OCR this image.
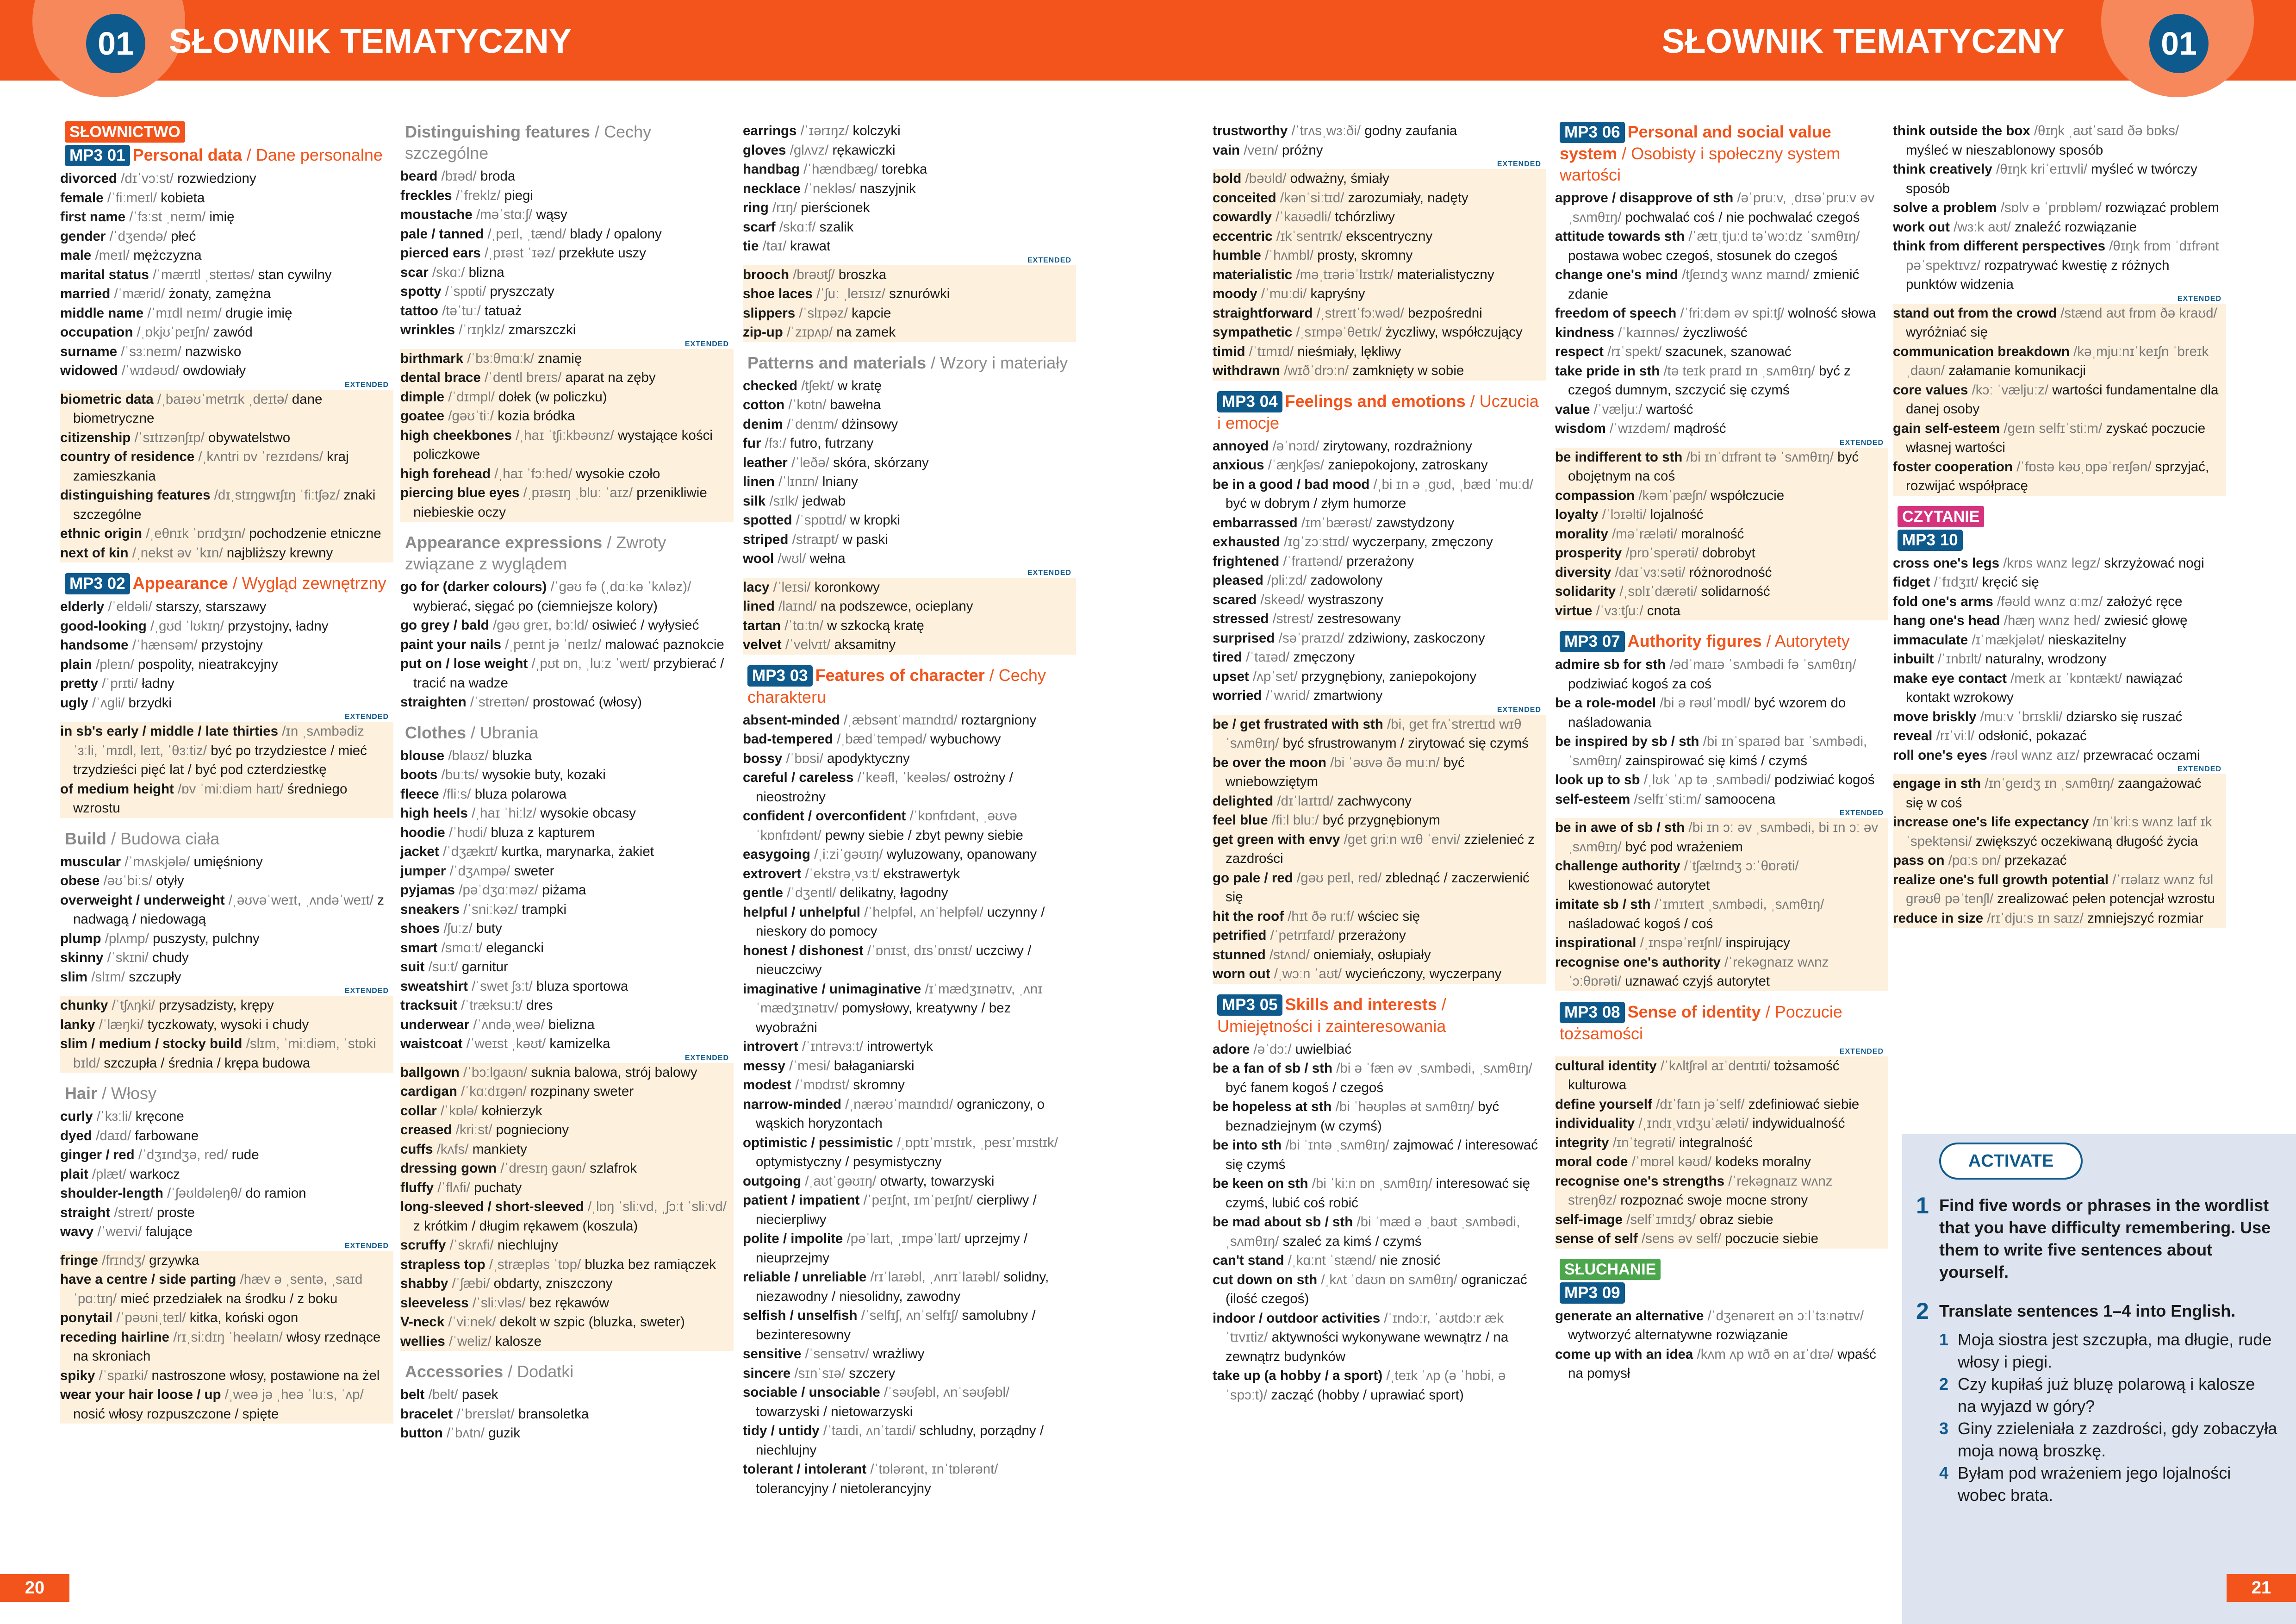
01	SŁOWNIK TEMATYCZNY	SŁOWNIK TEMATYCZNY	01
SŁOWNICTWO
MP3 01 Personal data / Dane personalne
divorced /dɪˈvɔːst/ rozwiedziony
female /ˈfiːmeɪl/ kobieta
first name /ˈfɜːst ˌneɪm/ imię
gender /ˈdʒendə/ płeć
male /meɪl/ mężczyzna
marital status /ˈmærɪtl ˌsteɪtəs/ stan cywilny
married /ˈmærid/ żonaty, zamężna
middle name /ˈmɪdl neɪm/ drugie imię
occupation /ˌɒkjʊˈpeɪʃn/ zawód
surname /ˈsɜːneɪm/ nazwisko
widowed /ˈwɪdəʊd/ owdowiały
EXTENDED
biometric data /ˌbaɪəʊˈmetrɪk ˌdeɪtə/ dane biometryczne
citizenship /ˈsɪtɪzənʃɪp/ obywatelstwo
country of residence /ˌkʌntri ɒv ˈrezɪdəns/ kraj zamieszkania
distinguishing features /dɪˌstɪŋɡwɪʃɪŋ ˈfiːtʃəz/ znaki szczególne
ethnic origin /ˌeθnɪk ˈɒrɪdʒɪn/ pochodzenie etniczne
next of kin /ˌnekst əv ˈkɪn/ najbliższy krewny
MP3 02 Appearance / Wygląd zewnętrzny
elderly /ˈeldəli/ starszy, starszawy
good-looking /ˌɡʊd ˈlʊkɪŋ/ przystojny, ładny
handsome /ˈhænsəm/ przystojny
plain /pleɪn/ pospolity, nieatrakcyjny
pretty /ˈprɪti/ ładny
ugly /ˈʌɡli/ brzydki
EXTENDED
in sb's early / middle / late thirties /ɪn ˌsʌmbədiz ˈɜːli, ˈmɪdl, leɪt, ˈθɜːtiz/ być po trzydziestce / mieć trzydzieści pięć lat / być pod czterdziestkę
of medium height /ɒv ˈmiːdiəm haɪt/ średniego wzrostu
Build / Budowa ciała
muscular /ˈmʌskjələ/ umięśniony
obese /əʊˈbiːs/ otyły
overweight / underweight /ˌəʊvəˈweɪt, ˌʌndəˈweɪt/ z nadwagą / niedowagą
plump /plʌmp/ puszysty, pulchny
skinny /ˈskɪni/ chudy
slim /slɪm/ szczupły
EXTENDED
chunky /ˈtʃʌŋki/ przysadzisty, krępy
lanky /ˈlæŋki/ tyczkowaty, wysoki i chudy
slim / medium / stocky build /slɪm, ˈmiːdiəm, ˈstɒki bɪld/ szczupła / średnia / krępa budowa
Hair / Włosy
curly /ˈkɜːli/ kręcone
dyed /daɪd/ farbowane
ginger / red /ˈdʒɪndʒə, red/ rude
plait /plæt/ warkocz
shoulder-length /ˈʃəʊldəleŋθ/ do ramion
straight /streɪt/ proste
wavy /ˈweɪvi/ falujące
EXTENDED
fringe /frɪndʒ/ grzywka
have a centre / side parting /hæv ə ˌsentə, ˌsaɪd ˈpɑːtɪŋ/ mieć przedziałek na środku / z boku
ponytail /ˈpəʊniˌteɪl/ kitka, koński ogon
receding hairline /rɪˌsiːdɪŋ ˈheəlaɪn/ włosy rzednące na skroniach
spiky /ˈspaɪki/ nastroszone włosy, postawione na żel
wear your hair loose / up /ˌweə jə ˌheə ˈluːs, ˈʌp/ nosić włosy rozpuszczone / spięte
Distinguishing features / Cechy szczególne
beard /bɪəd/ broda
freckles /ˈfreklz/ piegi
moustache /məˈstɑːʃ/ wąsy
pale / tanned /ˌpeɪl, ˌtænd/ blady / opalony
pierced ears /ˌpɪəst ˈɪəz/ przekłute uszy
scar /skɑː/ blizna
spotty /ˈspɒti/ pryszczaty
tattoo /təˈtuː/ tatuaż
wrinkles /ˈrɪŋklz/ zmarszczki
EXTENDED
birthmark /ˈbɜːθmɑːk/ znamię
dental brace /ˈdentl breɪs/ aparat na zęby
dimple /ˈdɪmpl/ dołek (w policzku)
goatee /ɡəʊˈtiː/ kozia bródka
high cheekbones /ˌhaɪ ˈtʃiːkbəʊnz/ wystające kości policzkowe
high forehead /ˌhaɪ ˈfɔːhed/ wysokie czoło
piercing blue eyes /ˌpɪəsɪŋ ˌbluː ˈaɪz/ przenikliwie niebieskie oczy
Appearance expressions / Zwroty związane z wyglądem
go for (darker colours) /ˈɡəʊ fə (ˌdɑːkə ˈkʌləz)/ wybierać, sięgać po (ciemniejsze kolory)
go grey / bald /ɡəʊ ɡreɪ, bɔːld/ osiwieć / wyłysieć
paint your nails /ˌpeɪnt jə ˈneɪlz/ malować paznokcie
put on / lose weight /ˌpʊt ɒn, ˌluːz ˈweɪt/ przybierać / tracić na wadze
straighten /ˈstreɪtən/ prostować (włosy)
Clothes / Ubrania
blouse /blaʊz/ bluzka
boots /buːts/ wysokie buty, kozaki
fleece /fliːs/ bluza polarowa
high heels /ˌhaɪ ˈhiːlz/ wysokie obcasy
hoodie /ˈhʊdi/ bluza z kapturem
jacket /ˈdʒækɪt/ kurtka, marynarka, żakiet
jumper /ˈdʒʌmpə/ sweter
pyjamas /pəˈdʒɑːməz/ piżama
sneakers /ˈsniːkəz/ trampki
shoes /ʃuːz/ buty
smart /smɑːt/ elegancki
suit /suːt/ garnitur
sweatshirt /ˈswet ʃɜːt/ bluza sportowa
tracksuit /ˈtræksuːt/ dres
underwear /ˈʌndəˌweə/ bielizna
waistcoat /ˈweɪst ˌkəʊt/ kamizelka
EXTENDED
ballgown /ˈbɔːlɡaʊn/ suknia balowa, strój balowy
cardigan /ˈkɑːdɪɡən/ rozpinany sweter
collar /ˈkɒlə/ kołnierzyk
creased /kriːst/ pognieciony
cuffs /kʌfs/ mankiety
dressing gown /ˈdresɪŋ ɡaʊn/ szlafrok
fluffy /ˈflʌfi/ puchaty
long-sleeved / short-sleeved /ˌlɒŋ ˈsliːvd, ˌʃɔːt ˈsliːvd/ z krótkim / długim rękawem (koszula)
scruffy /ˈskrʌfi/ niechlujny
strapless top /ˌstræpləs ˈtɒp/ bluzka bez ramiączek
shabby /ˈʃæbi/ obdarty, zniszczony
sleeveless /ˈsliːvləs/ bez rękawów
V-neck /ˈviːnek/ dekolt w szpic (bluzka, sweter)
wellies /ˈweliz/ kalosze
Accessories / Dodatki
belt /belt/ pasek
bracelet /ˈbreɪslət/ bransoletka
button /ˈbʌtn/ guzik
earrings /ˈɪərɪŋz/ kolczyki
gloves /ɡlʌvz/ rękawiczki
handbag /ˈhændbæɡ/ torebka
necklace /ˈnekləs/ naszyjnik
ring /rɪŋ/ pierścionek
scarf /skɑːf/ szalik
tie /taɪ/ krawat
EXTENDED
brooch /brəʊtʃ/ broszka
shoe laces /ˈʃuː ˌleɪsɪz/ sznurówki
slippers /ˈslɪpəz/ kapcie
zip-up /ˈzɪpʌp/ na zamek
Patterns and materials / Wzory i materiały
checked /tʃekt/ w kratę
cotton /ˈkɒtn/ bawełna
denim /ˈdenɪm/ dżinsowy
fur /fɜː/ futro, futrzany
leather /ˈleðə/ skóra, skórzany
linen /ˈlɪnɪn/ lniany
silk /sɪlk/ jedwab
spotted /ˈspɒtɪd/ w kropki
striped /straɪpt/ w paski
wool /wʊl/ wełna
EXTENDED
lacy /ˈleɪsi/ koronkowy
lined /laɪnd/ na podszewce, ocieplany
tartan /ˈtɑːtn/ w szkocką kratę
velvet /ˈvelvɪt/ aksamitny
MP3 03 Features of character / Cechy charakteru
absent-minded /ˌæbsəntˈmaɪndɪd/ roztargniony
bad-tempered /ˌbædˈtempəd/ wybuchowy
bossy /ˈbɒsi/ apodyktyczny
careful / careless /ˈkeəfl, ˈkeələs/ ostrożny / nieostrożny
confident / overconfident /ˈkɒnfɪdənt, ˌəʊvəˈkɒnfɪdənt/ pewny siebie / zbyt pewny siebie
easygoing /ˌiːziˈɡəʊɪŋ/ wyluzowany, opanowany
extrovert /ˈekstrəˌvɜːt/ ekstrawertyk
gentle /ˈdʒentl/ delikatny, łagodny
helpful / unhelpful /ˈhelpfəl, ʌnˈhelpfəl/ uczynny / nieskory do pomocy
honest / dishonest /ˈɒnɪst, dɪsˈɒnɪst/ uczciwy / nieuczciwy
imaginative / unimaginative /ɪˈmædʒɪnətɪv, ˌʌnɪˈmædʒɪnətɪv/ pomysłowy, kreatywny / bez wyobraźni
introvert /ˈɪntrəvɜːt/ introwertyk
messy /ˈmesi/ bałaganiarski
modest /ˈmɒdɪst/ skromny
narrow-minded /ˌnærəʊˈmaɪndɪd/ ograniczony, o wąskich horyzontach
optimistic / pessimistic /ˌɒptɪˈmɪstɪk, ˌpesɪˈmɪstɪk/ optymistyczny / pesymistyczny
outgoing /ˌaʊtˈɡəʊɪŋ/ otwarty, towarzyski
patient / impatient /ˈpeɪʃnt, ɪmˈpeɪʃnt/ cierpliwy / niecierpliwy
polite / impolite /pəˈlaɪt, ˌɪmpəˈlaɪt/ uprzejmy / nieuprzejmy
reliable / unreliable /rɪˈlaɪəbl, ˌʌnrɪˈlaɪəbl/ solidny, niezawodny / niesolidny, zawodny
selfish / unselfish /ˈselfɪʃ, ʌnˈselfɪʃ/ samolubny / bezinteresowny
sensitive /ˈsensətɪv/ wrażliwy
sincere /sɪnˈsɪə/ szczery
sociable / unsociable /ˈsəʊʃəbl, ʌnˈsəʊʃəbl/ towarzyski / nietowarzyski
tidy / untidy /ˈtaɪdi, ʌnˈtaɪdi/ schludny, porządny / niechlujny
tolerant / intolerant /ˈtɒlərənt, ɪnˈtɒlərənt/ tolerancyjny / nietolerancyjny
trustworthy /ˈtrʌsˌwɜːði/ godny zaufania
vain /veɪn/ próżny
EXTENDED
bold /bəʊld/ odważny, śmiały
conceited /kənˈsiːtɪd/ zarozumiały, nadęty
cowardly /ˈkaʊədli/ tchórzliwy
eccentric /ɪkˈsentrɪk/ ekscentryczny
humble /ˈhʌmbl/ prosty, skromny
materialistic /məˌtɪəriəˈlɪstɪk/ materialistyczny
moody /ˈmuːdi/ kapryśny
straightforward /ˌstreɪtˈfɔːwəd/ bezpośredni
sympathetic /ˌsɪmpəˈθetɪk/ życzliwy, współczujący
timid /ˈtɪmɪd/ nieśmiały, lękliwy
withdrawn /wɪðˈdrɔːn/ zamknięty w sobie
MP3 04 Feelings and emotions / Uczucia i emocje
annoyed /əˈnɔɪd/ zirytowany, rozdrażniony
anxious /ˈæŋkʃəs/ zaniepokojony, zatroskany
be in a good / bad mood /ˌbi ɪn ə ˌɡʊd, ˌbæd ˈmuːd/ być w dobrym / złym humorze
embarrassed /ɪmˈbærəst/ zawstydzony
exhausted /ɪɡˈzɔːstɪd/ wyczerpany, zmęczony
frightened /ˈfraɪtənd/ przerażony
pleased /pliːzd/ zadowolony
scared /skeəd/ wystraszony
stressed /strest/ zestresowany
surprised /səˈpraɪzd/ zdziwiony, zaskoczony
tired /ˈtaɪəd/ zmęczony
upset /ʌpˈset/ przygnębiony, zaniepokojony
worried /ˈwʌrid/ zmartwiony
EXTENDED
be / get frustrated with sth /bi, get frʌˈstreɪtɪd wɪθ ˈsʌmθɪŋ/ być sfrustrowanym / zirytować się czymś
be over the moon /bi ˈəʊvə ðə muːn/ być wniebowziętym
delighted /dɪˈlaɪtɪd/ zachwycony
feel blue /fiːl bluː/ być przygnębionym
get green with envy /ɡet ɡriːn wɪθ ˈenvi/ zzielenieć z zazdrości
go pale / red /ɡəʊ peɪl, red/ zblednąć / zaczerwienić się
hit the roof /hɪt ðə ruːf/ wściec się
petrified /ˈpetrɪfaɪd/ przerażony
stunned /stʌnd/ oniemiały, osłupiały
worn out /ˌwɔːn ˈaʊt/ wycieńczony, wyczerpany
MP3 05 Skills and interests / Umiejętności i zainteresowania
adore /əˈdɔː/ uwielbiać
be a fan of sb / sth /bi ə ˈfæn əv ˌsʌmbədi, ˌsʌmθɪŋ/ być fanem kogoś / czegoś
be hopeless at sth /bi ˈhəʊpləs ət sʌmθɪŋ/ być beznadziejnym (w czymś)
be into sth /bi ˈɪntə ˌsʌmθɪŋ/ zajmować / interesować się czymś
be keen on sth /bi ˈkiːn ɒn ˌsʌmθɪŋ/ interesować się czymś, lubić coś robić
be mad about sb / sth /bi ˈmæd ə ˌbaʊt ˌsʌmbədi, ˌsʌmθɪŋ/ szaleć za kimś / czymś
can't stand /ˌkɑːnt ˈstænd/ nie znosić
cut down on sth /ˌkʌt ˈdaʊn ɒn sʌmθɪŋ/ ograniczać (ilość czegoś)
indoor / outdoor activities /ˈɪndɔːr, ˈaʊtdɔːr ækˈtɪvɪtiz/ aktywności wykonywane wewnątrz / na zewnątrz budynków
take up (a hobby / a sport) /ˌteɪk ˈʌp (ə ˈhɒbi, ə ˈspɔːt)/ zacząć (hobby / uprawiać sport)
MP3 06 Personal and social value system / Osobisty i społeczny system wartości
approve / disapprove of sth /əˈpruːv, ˌdɪsəˈpruːv əv ˌsʌmθɪŋ/ pochwalać coś / nie pochwalać czegoś
attitude towards sth /ˈætɪˌtjuːd təˈwɔːdz ˈsʌmθɪŋ/ postawa wobec czegoś, stosunek do czegoś
change one's mind /tʃeɪndʒ wʌnz maɪnd/ zmienić zdanie
freedom of speech /ˈfriːdəm əv spiːtʃ/ wolność słowa
kindness /ˈkaɪnnəs/ życzliwość
respect /rɪˈspekt/ szacunek, szanować
take pride in sth /tə teɪk praɪd ɪn ˌsʌmθɪŋ/ być z czegoś dumnym, szczycić się czymś
value /ˈvæljuː/ wartość
wisdom /ˈwɪzdəm/ mądrość
EXTENDED
be indifferent to sth /bi ɪnˈdɪfrənt tə ˈsʌmθɪŋ/ być obojętnym na coś
compassion /kəmˈpæʃn/ współczucie
loyalty /ˈlɔɪəlti/ lojalność
morality /məˈræləti/ moralność
prosperity /prɒˈsperəti/ dobrobyt
diversity /daɪˈvɜːsəti/ różnorodność
solidarity /ˌsɒlɪˈdærəti/ solidarność
virtue /ˈvɜːtʃuː/ cnota
MP3 07 Authority figures / Autorytety
admire sb for sth /ədˈmaɪə ˈsʌmbədi fə ˈsʌmθɪŋ/ podziwiać kogoś za coś
be a role-model /bi ə rəʊlˈmɒdl/ być wzorem do naśladowania
be inspired by sb / sth /bi ɪnˈspaɪəd baɪ ˈsʌmbədi, ˈsʌmθɪŋ/ zainspirować się kimś / czymś
look up to sb /ˌlʊk ˈʌp tə ˌsʌmbədi/ podziwiać kogoś
self-esteem /selfɪˈstiːm/ samoocena
EXTENDED
be in awe of sb / sth /bi ɪn ɔː əv ˌsʌmbədi, bi ɪn ɔː əv ˌsʌmθɪŋ/ być pod wrażeniem
challenge authority /ˈtʃælɪndʒ ɔːˈθɒrəti/ kwestionować autorytet
imitate sb / sth /ˈɪmɪteɪt ˌsʌmbədi, ˌsʌmθɪŋ/ naśladować kogoś / coś
inspirational /ˌɪnspəˈreɪʃnl/ inspirujący
recognise one's authority /ˈrekəɡnaɪz wʌnz ˈɔːθɒrəti/ uznawać czyjś autorytet
MP3 08 Sense of identity / Poczucie tożsamości
EXTENDED
cultural identity /ˈkʌltʃrəl aɪˈdentɪti/ tożsamość kulturowa
define yourself /dɪˈfaɪn jəˈself/ zdefiniować siebie
individuality /ˌɪndɪˌvɪdʒuˈæləti/ indywidualność
integrity /ɪnˈteɡrəti/ integralność
moral code /ˈmɒrəl kəʊd/ kodeks moralny
recognise one's strengths /ˈrekəɡnaɪz wʌnz streŋθz/ rozpoznać swoje mocne strony
self-image /selfˈɪmɪdʒ/ obraz siebie
sense of self /sens əv self/ poczucie siebie
SŁUCHANIE
MP3 09
generate an alternative /ˈdʒenəreɪt ən ɔːlˈtɜːnətɪv/ wytworzyć alternatywne rozwiązanie
come up with an idea /kʌm ʌp wɪð ən aɪˈdɪə/ wpaść na pomysł
think outside the box /θɪŋk ˌaʊtˈsaɪd ðə bɒks/ myśleć w nieszablonowy sposób
think creatively /θɪŋk kriˈeɪtɪvli/ myśleć w twórczy sposób
solve a problem /sɒlv ə ˈprɒbləm/ rozwiązać problem
work out /wɜːk aʊt/ znaleźć rozwiązanie
think from different perspectives /θɪŋk frɒm ˈdɪfrənt pəˈspektɪvz/ rozpatrywać kwestię z różnych punktów widzenia
EXTENDED
stand out from the crowd /stænd aʊt frɒm ðə kraʊd/ wyróżniać się
communication breakdown /kəˌmjuːnɪˈkeɪʃn ˈbreɪkˌdaʊn/ załamanie komunikacji
core values /kɔː ˈvæljuːz/ wartości fundamentalne dla danej osoby
gain self-esteem /ɡeɪn selfɪˈstiːm/ zyskać poczucie własnej wartości
foster cooperation /ˈfɒstə kəʊˌɒpəˈreɪʃən/ sprzyjać, rozwijać współpracę
CZYTANIE
MP3 10
cross one's legs /krɒs wʌnz leɡz/ skrzyżować nogi
fidget /ˈfɪdʒɪt/ kręcić się
fold one's arms /fəʊld wʌnz ɑːmz/ założyć ręce
hang one's head /hæŋ wʌnz hed/ zwiesić głowę
immaculate /ɪˈmækjələt/ nieskazitelny
inbuilt /ˈɪnbɪlt/ naturalny, wrodzony
make eye contact /meɪk aɪ ˈkɒntækt/ nawiązać kontakt wzrokowy
move briskly /muːv ˈbrɪskli/ dziarsko się ruszać
reveal /rɪˈviːl/ odsłonić, pokazać
roll one's eyes /rəʊl wʌnz aɪz/ przewracać oczami
EXTENDED
engage in sth /ɪnˈɡeɪdʒ ɪn ˌsʌmθɪŋ/ zaangażować się w coś
increase one's life expectancy /ɪnˈkriːs wʌnz laɪf ɪkˈspektənsi/ zwiększyć oczekiwaną długość życia
pass on /pɑːs ɒn/ przekazać
realize one's full growth potential /ˈrɪəlaɪz wʌnz fʊl ɡrəʊθ pəˈtenʃl/ zrealizować pełen potencjał wzrostu
reduce in size /rɪˈdjuːs ɪn saɪz/ zmniejszyć rozmiar
ACTIVATE
1 Find five words or phrases in the wordlist that you have difficulty remembering. Use them to write five sentences about yourself.
2 Translate sentences 1–4 into English.
1 Moja siostra jest szczupła, ma długie, rude włosy i piegi.
2 Czy kupiłaś już bluzę polarową i kalosze na wyjazd w góry?
3 Giny zzieleniała z zazdrości, gdy zobaczyła moja nową broszkę.
4 Byłam pod wrażeniem jego lojalności wobec brata.
20	21
